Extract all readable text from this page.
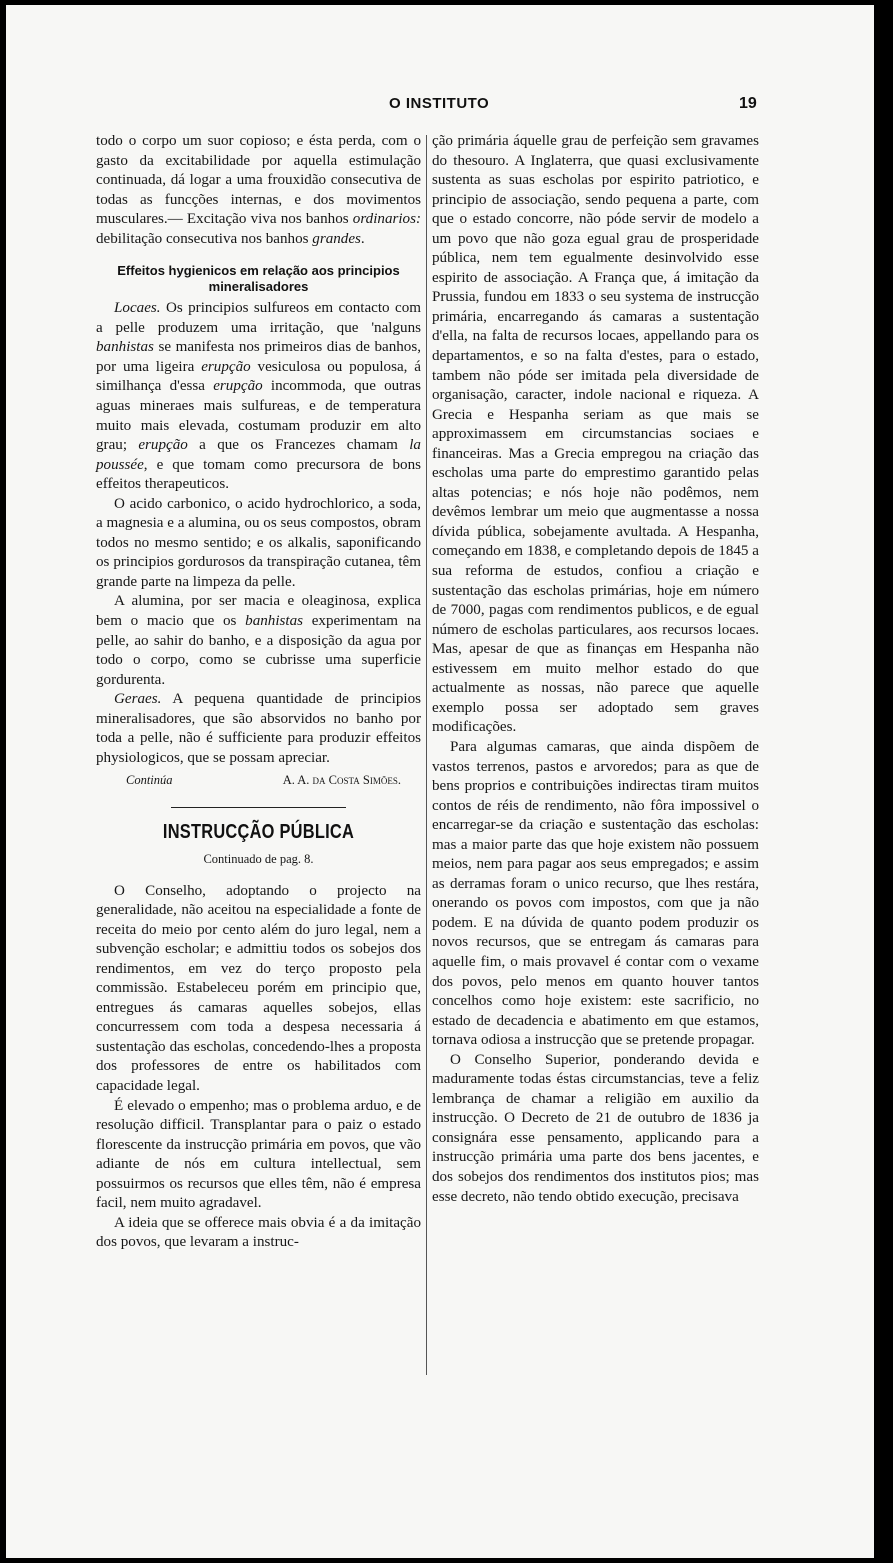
O INSTITUTO	19

todo o corpo um suor copioso; e ésta perda, com o gasto da excitabilidade por aquella estimulação continuada, dá logar a uma frouxidão consecutiva de todas as funcções internas, e dos movimentos musculares.— Excitação viva nos banhos ordinarios: debilitação consecutiva nos banhos grandes.

Effeitos hygienicos em relação aos principios mineralisadores

Locaes. Os principios sulfureos em contacto com a pelle produzem uma irritação, que 'nalguns banhistas se manifesta nos primeiros dias de banhos, por uma ligeira erupção vesiculosa ou populosa, á similhança d'essa erupção incommoda, que outras aguas mineraes mais sulfureas, e de temperatura muito mais elevada, costumam produzir em alto grau; erupção a que os Francezes chamam la poussée, e que tomam como precursora de bons effeitos therapeuticos.

O acido carbonico, o acido hydrochlorico, a soda, a magnesia e a alumina, ou os seus compostos, obram todos no mesmo sentido; e os alkalis, saponificando os principios gordurosos da transpiração cutanea, têm grande parte na limpeza da pelle.

A alumina, por ser macia e oleaginosa, explica bem o macio que os banhistas experimentam na pelle, ao sahir do banho, e a disposição da agua por todo o corpo, como se cubrisse uma superficie gordurenta.

Geraes. A pequena quantidade de principios mineralisadores, que são absorvidos no banho por toda a pelle, não é sufficiente para produzir effeitos physiologicos, que se possam apreciar.

Continúa	A. A. da Costa Simões.
INSTRUCÇÃO PÚBLICA
Continuado de pag. 8.

O Conselho, adoptando o projecto na generalidade, não aceitou na especialidade a fonte de receita do meio por cento além do juro legal, nem a subvenção escholar; e admittiu todos os sobejos dos rendimentos, em vez do terço proposto pela commissão. Estabeleceu porém em principio que, entregues ás camaras aquelles sobejos, ellas concurressem com toda a despesa necessaria á sustentação das escholas, concedendo-lhes a proposta dos professores de entre os habilitados com capacidade legal.

É elevado o empenho; mas o problema arduo, e de resolução difficil. Transplantar para o paiz o estado florescente da instrucção primária em povos, que vão adiante de nós em cultura intellectual, sem possuirmos os recursos que elles têm, não é empresa facil, nem muito agradavel.

A ideia que se offerece mais obvia é a da imitação dos povos, que levaram a instruc-

ção primária áquelle grau de perfeição sem gravames do thesouro. A Inglaterra, que quasi exclusivamente sustenta as suas escholas por espirito patriotico, e principio de associação, sendo pequena a parte, com que o estado concorre, não póde servir de modelo a um povo que não goza egual grau de prosperidade pública, nem tem egualmente desinvolvido esse espirito de associação. A França que, á imitação da Prussia, fundou em 1833 o seu systema de instrucção primária, encarregando ás camaras a sustentação d'ella, na falta de recursos locaes, appellando para os departamentos, e so na falta d'estes, para o estado, tambem não póde ser imitada pela diversidade de organisação, caracter, indole nacional e riqueza. A Grecia e Hespanha seriam as que mais se approximassem em circumstancias sociaes e financeiras. Mas a Grecia empregou na criação das escholas uma parte do emprestimo garantido pelas altas potencias; e nós hoje não podêmos, nem devêmos lembrar um meio que augmentasse a nossa dívida pública, sobejamente avultada. A Hespanha, começando em 1838, e completando depois de 1845 a sua reforma de estudos, confiou a criação e sustentação das escholas primárias, hoje em número de 7000, pagas com rendimentos publicos, e de egual número de escholas particulares, aos recursos locaes. Mas, apesar de que as finanças em Hespanha não estivessem em muito melhor estado do que actualmente as nossas, não parece que aquelle exemplo possa ser adoptado sem graves modificações.

Para algumas camaras, que ainda dispõem de vastos terrenos, pastos e arvoredos; para as que de bens proprios e contribuições indirectas tiram muitos contos de réis de rendimento, não fôra impossivel o encarregar-se da criação e sustentação das escholas: mas a maior parte das que hoje existem não possuem meios, nem para pagar aos seus empregados; e assim as derramas foram o unico recurso, que lhes restára, onerando os povos com impostos, com que ja não podem. E na dúvida de quanto podem produzir os novos recursos, que se entregam ás camaras para aquelle fim, o mais provavel é contar com o vexame dos povos, pelo menos em quanto houver tantos concelhos como hoje existem: este sacrificio, no estado de decadencia e abatimento em que estamos, tornava odiosa a instrucção que se pretende propagar.

O Conselho Superior, ponderando devida e maduramente todas éstas circumstancias, teve a feliz lembrança de chamar a religião em auxilio da instrucção. O Decreto de 21 de outubro de 1836 ja consignára esse pensamento, applicando para a instrucção primária uma parte dos bens jacentes, e dos sobejos dos rendimentos dos institutos pios; mas esse decreto, não tendo obtido execução, precisava
